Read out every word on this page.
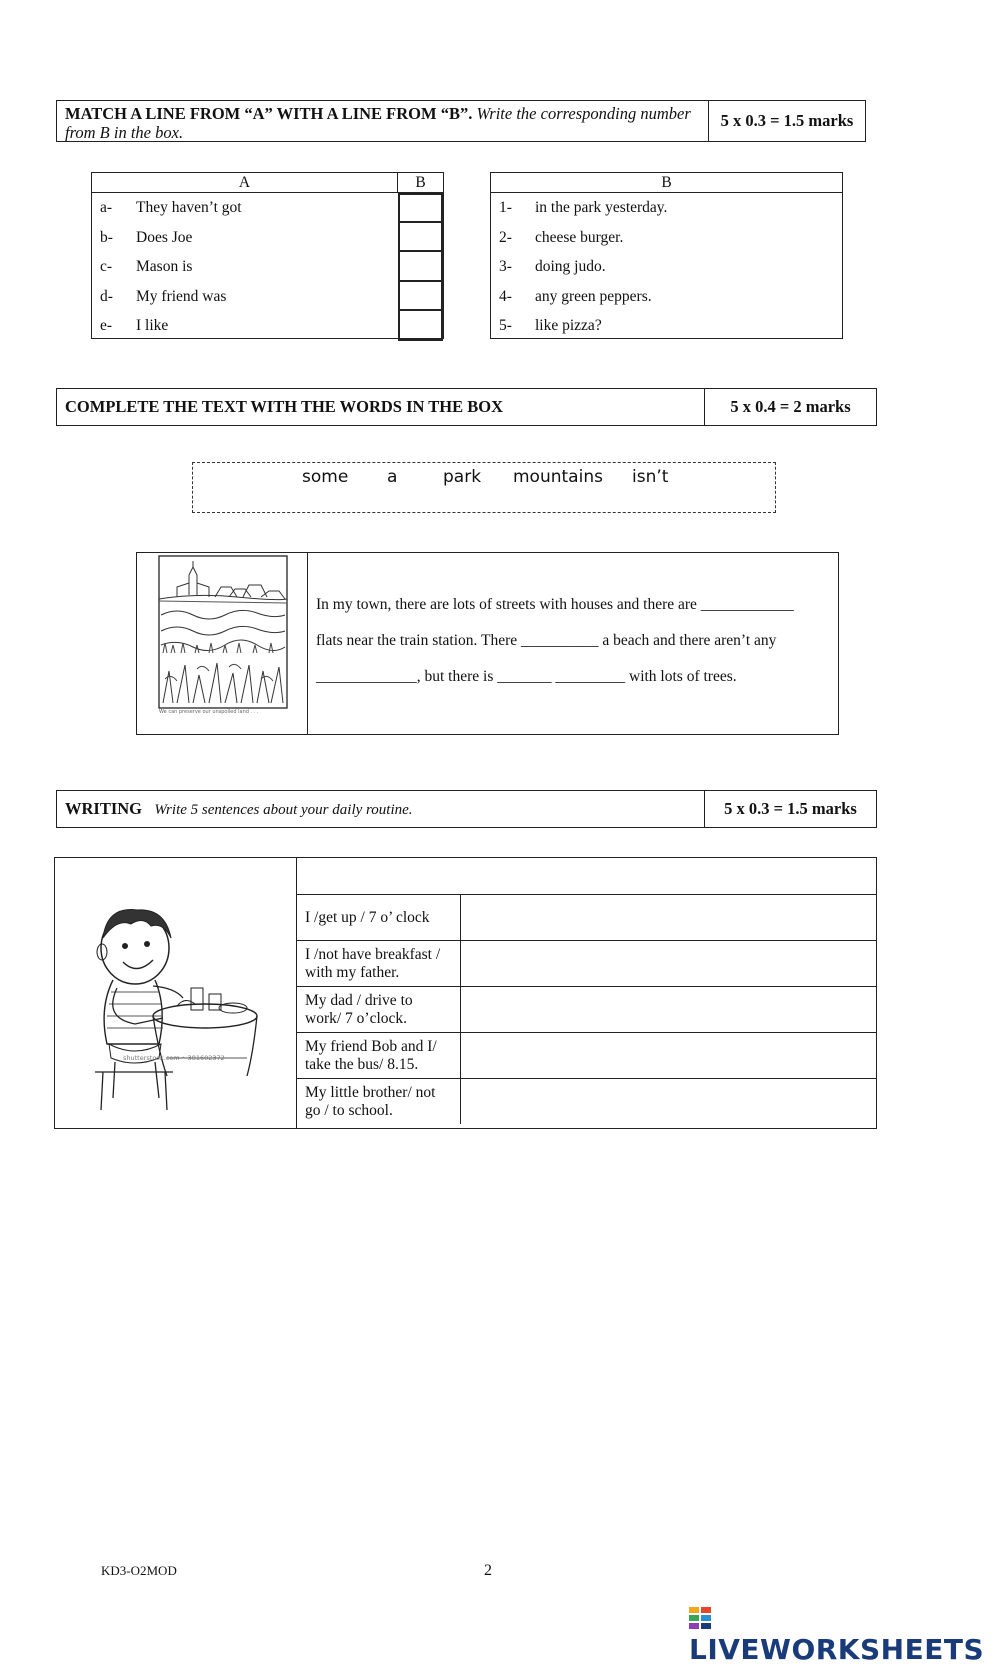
MATCH A LINE FROM “A” WITH A LINE FROM “B”. Write the corresponding number from B in the box.
5 x 0.3 = 1.5 marks
A	B
a-	They haven’t got
b-	Does Joe
c-	Mason is
d-	My friend was
e-	I like
B
1-	in the park yesterday.
2-	cheese burger.
3-	doing judo.
4-	any green peppers.
5-	like pizza?
COMPLETE THE TEXT WITH THE WORDS IN THE BOX	5 x 0.4 = 2 marks
some a	park mountains isn’t
We can preserve our unspoiled land . . .
In my town, there are lots of streets with houses and there are ____________
flats near the train station. There __________ a beach and there aren’t any
_____________, but there is _______ _________ with lots of trees.
WRITING Write 5 sentences about your daily routine.	5 x 0.3 = 1.5 marks
shutterstock.com • 381602372
I /get up / 7 o’ clock
I /not have breakfast / with my father.
My dad / drive to work/ 7 o’clock.
My friend Bob and I/ take the bus/ 8.15.
My little brother/ not go / to school.
KD3-O2MOD	2
LIVEWORKSHEETS
